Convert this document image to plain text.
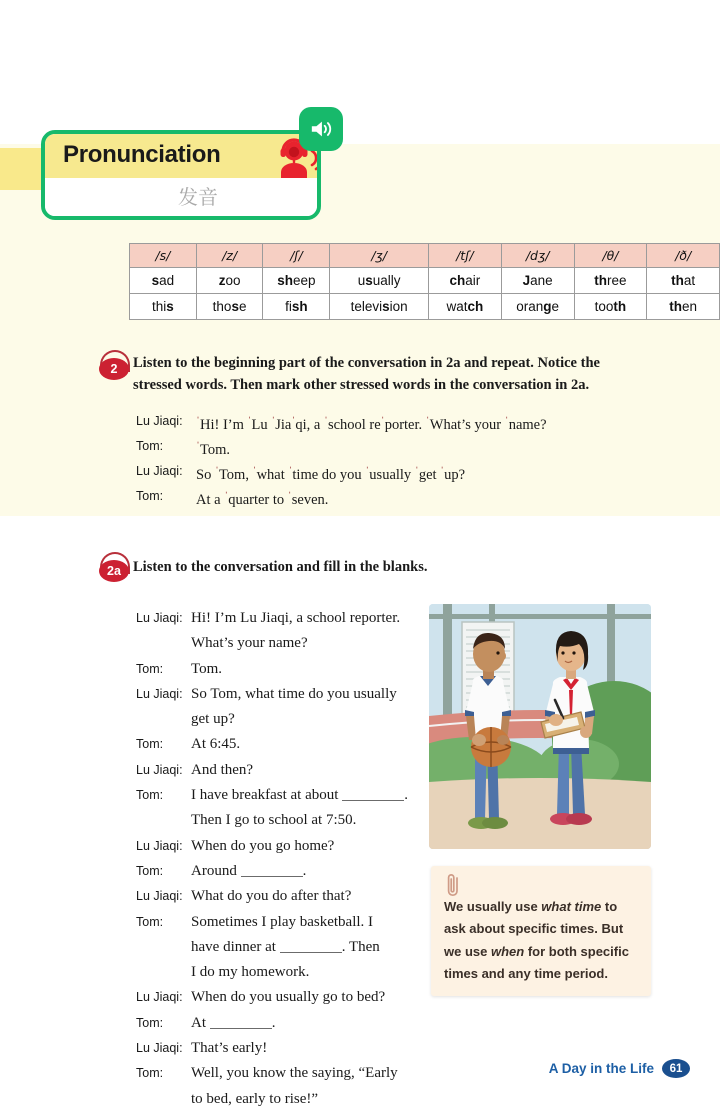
Pronunciation
发音
/s/	/z/	/ʃ/	/ʒ/	/tʃ/	/dʒ/	/θ/	/ð/
sad	zoo	sheep	usually	chair	Jane	three	that
this	those	fish	television	watch	orange	tooth	then
2	Listen to the beginning part of the conversation in 2a and repeat. Notice the stressed words. Then mark other stressed words in the conversation in 2a.
Lu Jiaqi:	$^ˈ$Hi! I’m $^ˈ$Lu $^ˈ$Jia$^ˈ$qi, a $^ˈ$school $re^ˈporter$. $^ˈ$What’s your $^ˈ$name?
Tom:	$^ˈ$Tom.
Lu Jiaqi: So $^ˈ$Tom, $^ˈ$what $^ˈ$time do you $^ˈ$usually $^ˈ$get $^ˈ$up?
Tom:	At a $^ˈ$quarter to $^ˈ$seven.
2a Listen to the conversation and fill in the blanks.
Lu Jiaqi: Hi! I’m Lu Jiaqi, a school reporter.
What’s your name?
Tom:	Tom.
Lu Jiaqi: So Tom, what time do you usually
get up?
Tom:	At 6:45.
Lu Jiaqi: And then?
Tom:	I have breakfast at about	.
Then I go to school at 7:50.
Lu Jiaqi: When do you go home?
Tom:	Around	.
Lu Jiaqi: What do you do after that?
Tom:	Sometimes I play basketball. I
have dinner at	. Then
I do my homework.
Lu Jiaqi: When do you usually go to bed?
Tom:	At	.
Lu Jiaqi: That’s early!
Tom:	Well, you know the saying, “Early
to bed, early to rise!”
We usually use what time to ask about specific times. But we use when for both specific times and any time period.
A Day in the Life	61
